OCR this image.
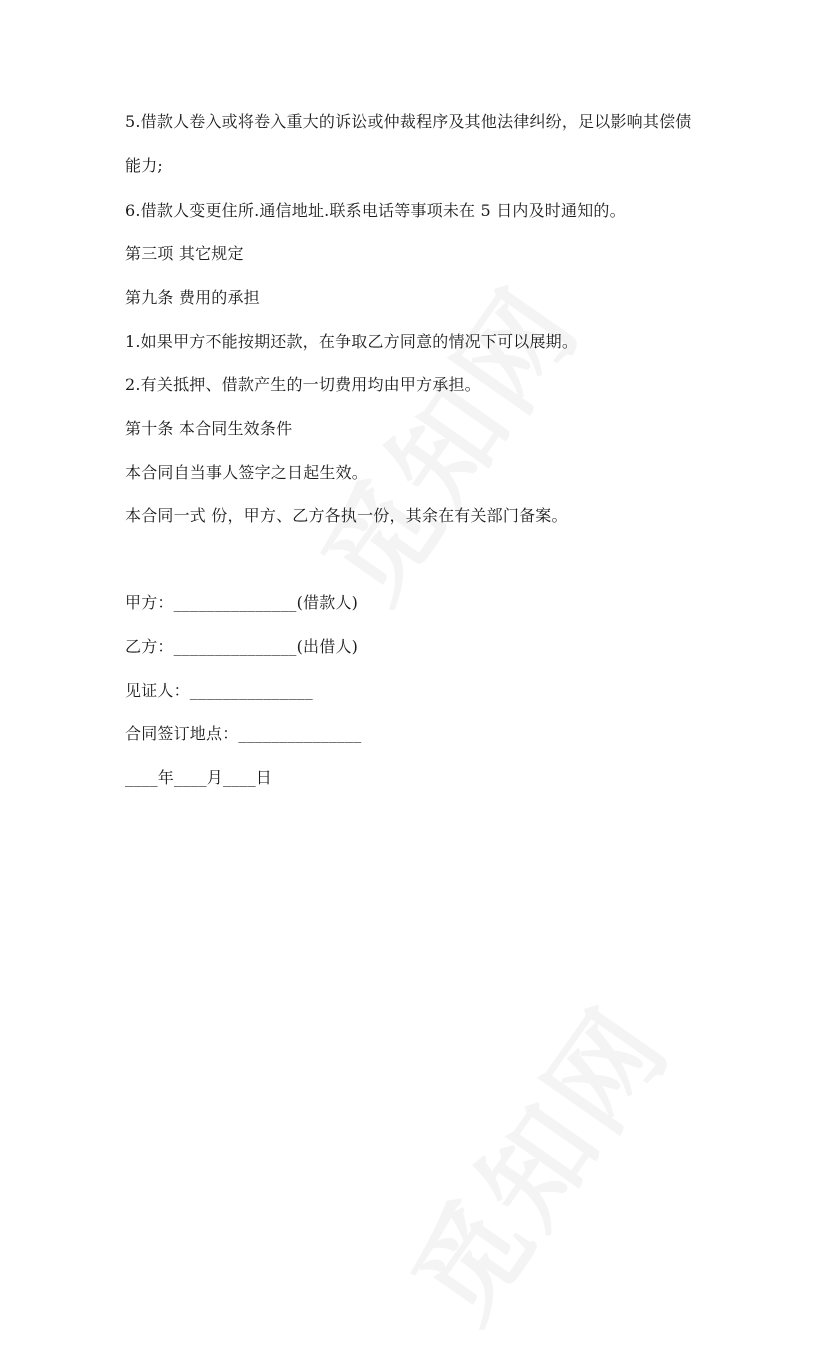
5.借款人卷入或将卷入重大的诉讼或仲裁程序及其他法律纠纷，足以影响其偿债
能力;
6.借款人变更住所.通信地址.联系电话等事项未在 5 日内及时通知的。
第三项 其它规定
第九条 费用的承担
1.如果甲方不能按期还款，在争取乙方同意的情况下可以展期。
2.有关抵押、借款产生的一切费用均由甲方承担。
第十条 本合同生效条件
本合同自当事人签字之日起生效。
本合同一式 份，甲方、乙方各执一份，其余在有关部门备案。
甲方：_______________(借款人)
乙方：_______________(出借人)
见证人：_______________
合同签订地点：_______________
____年____月____日
